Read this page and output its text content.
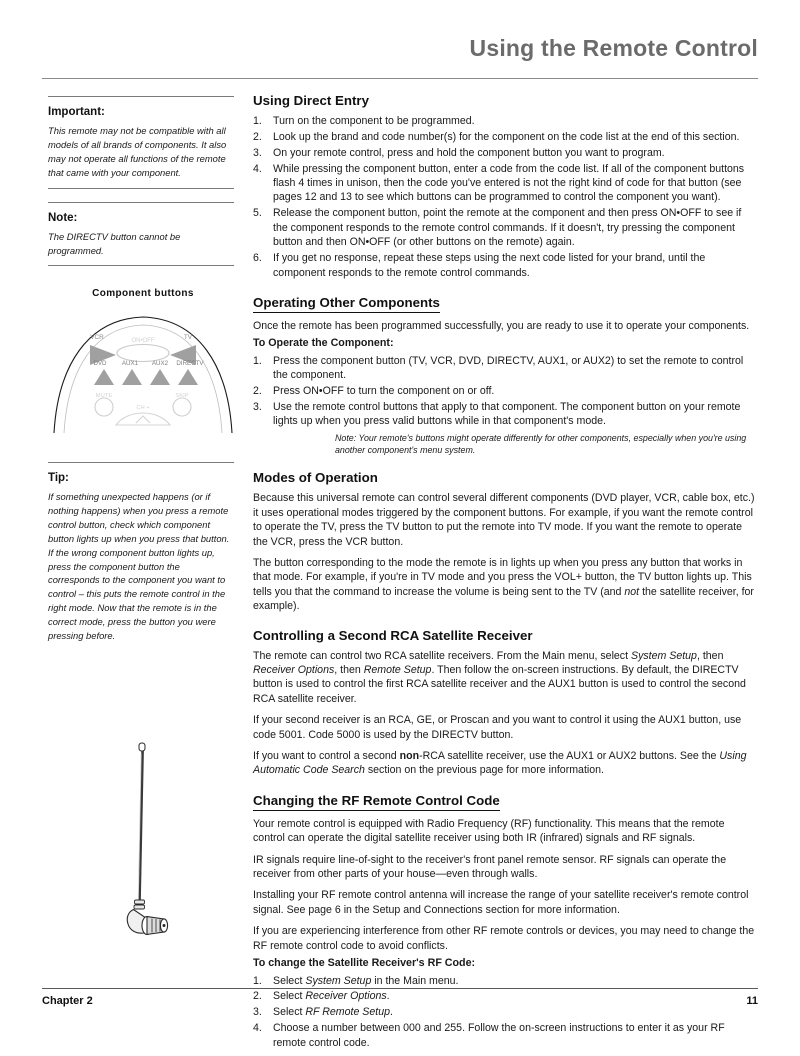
Using the Remote Control
Important:
This remote may not be compatible with all models of all brands of components. It also may not operate all functions of the remote that came with your component.
Note:
The DIRECTV button cannot be programmed.
Component buttons
ON•OFF
VCR	TV
DVD AUX1 AUX2 DIRECTV
MUTE	SKIP
CH +
Tip:
If something unexpected happens (or if nothing happens) when you press a remote control button, check which component button lights up when you press that button. If the wrong component button lights up, press the component button the corresponds to the component you want to control – this puts the remote control in the right mode. Now that the remote is in the correct mode, press the button you were pressing before.
Using Direct Entry
1.	Turn on the component to be programmed.
2.	Look up the brand and code number(s) for the component on the code list at the end of this section.
3.	On your remote control, press and hold the component button you want to program.
4.	While pressing the component button, enter a code from the code list. If all of the component buttons flash 4 times in unison, then the code you've entered is not the right kind of code for that button (see pages 12 and 13 to see which buttons can be programmed to control the component you want).
5.	Release the component button, point the remote at the component and then press ON•OFF to see if the component responds to the remote control commands. If it doesn't, try pressing the component button and then ON•OFF (or other buttons on the remote) again.
6.	If you get no response, repeat these steps using the next code listed for your brand, until the component responds to the remote control commands.
Operating Other Components

Once the remote has been programmed successfully, you are ready to use it to operate your components.

To Operate the Component:

1.	Press the component button (TV, VCR, DVD, DIRECTV, AUX1, or AUX2) to set the remote to control the component.
2.	Press ON•OFF to turn the component on or off.
3.	Use the remote control buttons that apply to that component. The component button on your remote lights up when you press valid buttons while in that component's mode.
Note: Your remote's buttons might operate differently for other components, especially when you're using another component's menu system.
Modes of Operation

Because this universal remote can control several different components (DVD player, VCR, cable box, etc.) it uses operational modes triggered by the component buttons. For example, if you want the remote control to operate the TV, press the TV button to put the remote into TV mode. If you want the remote to operate the VCR, press the VCR button.

The button corresponding to the mode the remote is in lights up when you press any button that works in that mode. For example, if you're in TV mode and you press the VOL+ button, the TV button lights up. This tells you that the command to increase the volume is being sent to the TV (and not the satellite receiver, for example).

Controlling a Second RCA Satellite Receiver

The remote can control two RCA satellite receivers. From the Main menu, select System Setup, then Receiver Options, then Remote Setup. Then follow the on-screen instructions. By default, the DIRECTV button is used to control the first RCA satellite receiver and the AUX1 button is used to control the second RCA satellite receiver.

If your second receiver is an RCA, GE, or Proscan and you want to control it using the AUX1 button, use code 5001. Code 5000 is used by the DIRECTV button.

If you want to control a second non-RCA satellite receiver, use the AUX1 or AUX2 buttons. See the Using Automatic Code Search section on the previous page for more information.

Changing the RF Remote Control Code

Your remote control is equipped with Radio Frequency (RF) functionality. This means that the remote control can operate the digital satellite receiver using both IR (infrared) signals and RF signals.

IR signals require line-of-sight to the receiver's front panel remote sensor. RF signals can operate the receiver from other parts of your house—even through walls.

Installing your RF remote control antenna will increase the range of your satellite receiver's remote control signal. See page 6 in the Setup and Connections section for more information.

If you are experiencing interference from other RF remote controls or devices, you may need to change the RF remote control code to avoid conflicts.

To change the Satellite Receiver's RF Code:

1.	Select System Setup in the Main menu.
2.	Select Receiver Options.
3.	Select RF Remote Setup.
4.	Choose a number between 000 and 255. Follow the on-screen instructions to enter it as your RF remote control code.
Chapter 2	11
